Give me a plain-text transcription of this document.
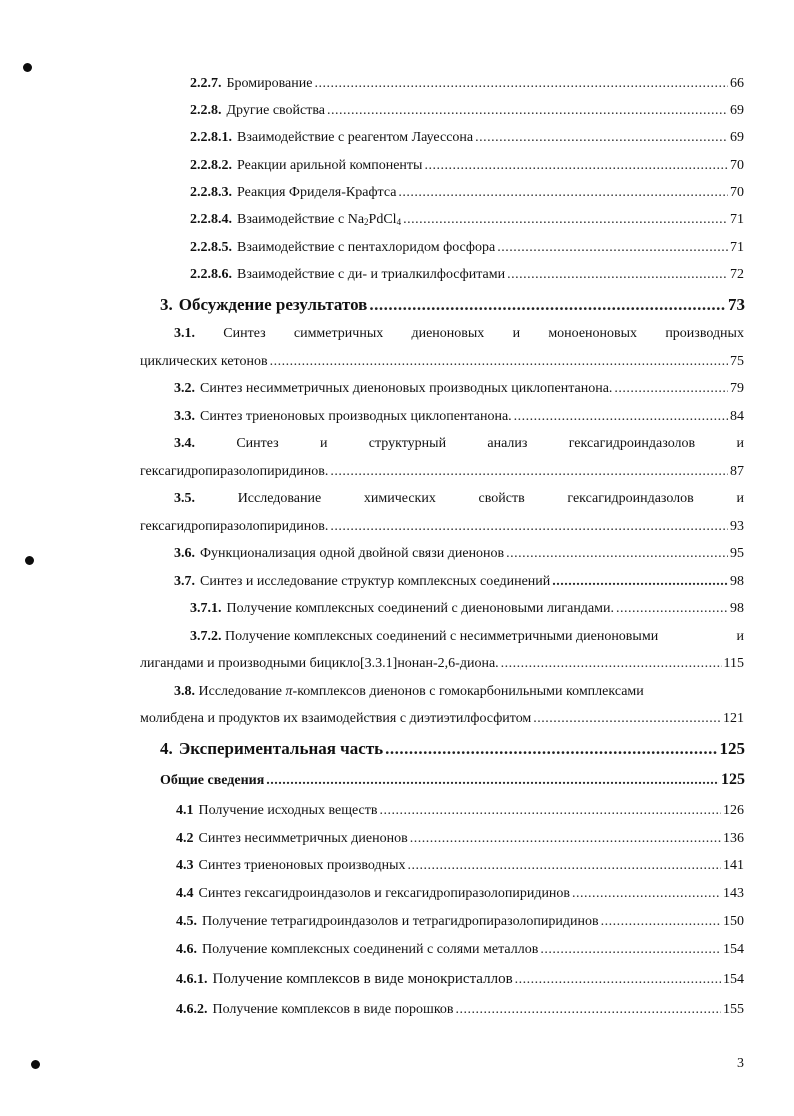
2.2.7. Бромирование .....	66
2.2.8. Другие свойства .....	69
2.2.8.1. Взаимодействие с реагентом Лауессона .....	69
2.2.8.2. Реакции арильной компоненты .....	70
2.2.8.3. Реакция Фриделя-Крафтса .....	70
2.2.8.4. Взаимодействие с $Na_2PdCl_4$ .....	71
2.2.8.5. Взаимодействие с пентахлоридом фосфора .....	71
2.2.8.6. Взаимодействие с ди- и триалкилфосфитами .....	72
3. Обсуждение результатов .....	73
3.1. Синтез симметричных диеноновых и моноеноновых производных
циклических кетонов .....	75
3.2. Синтез несимметричных диеноновых производных циклопентанона. .....	79
3.3. Синтез триеноновых производных циклопентанона. .....	84
3.4.	Синтез	и	структурный	анализ	гексагидроиндазолов	и
гексагидропиразолопиридинов. .....	87
3.5.	Исследование	химических	свойств	гексагидроиндазолов	и
гексагидропиразолопиридинов. .....	93
3.6. Функционализация одной двойной связи диенонов .....	95
3.7. Синтез и исследование структур комплексных соединений .....	98
3.7.1. Получение комплексных соединений с диеноновыми лигандами. .....	98
3.7.2. Получение комплексных соединений с несимметричными диеноновыми	и
лигандами и производными бицикло[3.3.1]нонан-2,6-диона. .....	115
3.8. Исследование π-комплексов диенонов с гомокарбонильными комплексами
молибдена и продуктов их взаимодействия с диэтиэтилфосфитом .....	121
4. Экспериментальная часть .....	125
Общие сведения .....	125
4.1 Получение исходных веществ .....	126
4.2 Синтез несимметричных диенонов .....	136
4.3 Синтез триеноновых производных .....	141
4.4 Синтез гексагидроиндазолов и гексагидропиразолопиридинов .....	143
4.5. Получение тетрагидроиндазолов и тетрагидропиразолопиридинов .....	150
4.6. Получение комплексных соединений с солями металлов .....	154
4.6.1. Получение комплексов в виде монокристаллов .....	154
4.6.2. Получение комплексов в виде порошков .....	155
3
